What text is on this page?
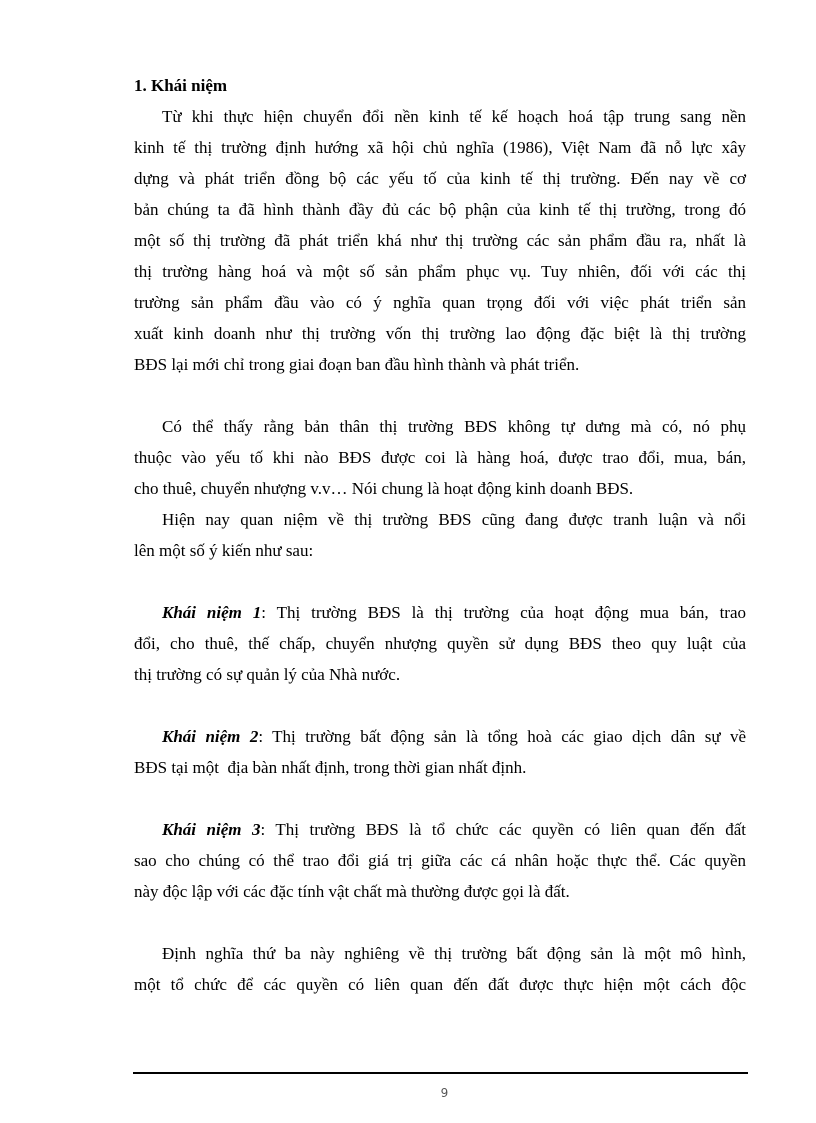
1. Khái niệm
Từ khi thực hiện chuyển đổi nền kinh tế kế hoạch hoá tập trung sang nền
kinh tế thị trường định hướng xã hội chủ nghĩa (1986), Việt Nam đã nỗ lực xây
dựng và phát triển đồng bộ các yếu tố của kinh tế thị trường. Đến nay về cơ
bản chúng ta đã hình thành đầy đủ các bộ phận của kinh tế thị trường, trong đó
một số thị trường đã phát triển khá như thị trường các sản phẩm đầu ra, nhất là
thị trường hàng hoá và một số sản phẩm phục vụ. Tuy nhiên, đối với các thị
trường sản phẩm đầu vào có ý nghĩa quan trọng đối với việc phát triển sản
xuất kinh doanh như thị trường vốn thị trường lao động đặc biệt là thị trường
BĐS lại mới chỉ trong giai đoạn ban đầu hình thành và phát triển.
Có thể thấy rằng bản thân thị trường BĐS không tự dưng mà có, nó phụ
thuộc vào yếu tố khi nào BĐS được coi là hàng hoá, được trao đổi, mua, bán,
cho thuê, chuyển nhượng v.v… Nói chung là hoạt động kinh doanh BĐS.
Hiện nay quan niệm về thị trường BĐS cũng đang được tranh luận và nổi
lên một số ý kiến như sau:
Khái niệm 1: Thị trường BĐS là thị trường của hoạt động mua bán, trao
đổi, cho thuê, thế chấp, chuyển nhượng quyền sử dụng BĐS theo quy luật của
thị trường có sự quản lý của Nhà nước.
Khái niệm 2: Thị trường bất động sản là tổng hoà các giao dịch dân sự về
BĐS tại một  địa bàn nhất định, trong thời gian nhất định.
Khái niệm 3: Thị trường BĐS là tổ chức các quyền có liên quan đến đất
sao cho chúng có thể trao đổi giá trị giữa các cá nhân hoặc thực thể. Các quyền
này độc lập với các đặc tính vật chất mà thường được gọi là đất.
Định nghĩa thứ ba này nghiêng về thị trường bất động sản là một mô hình,
một tổ chức để các quyền có liên quan đến đất được thực hiện một cách độc
9
